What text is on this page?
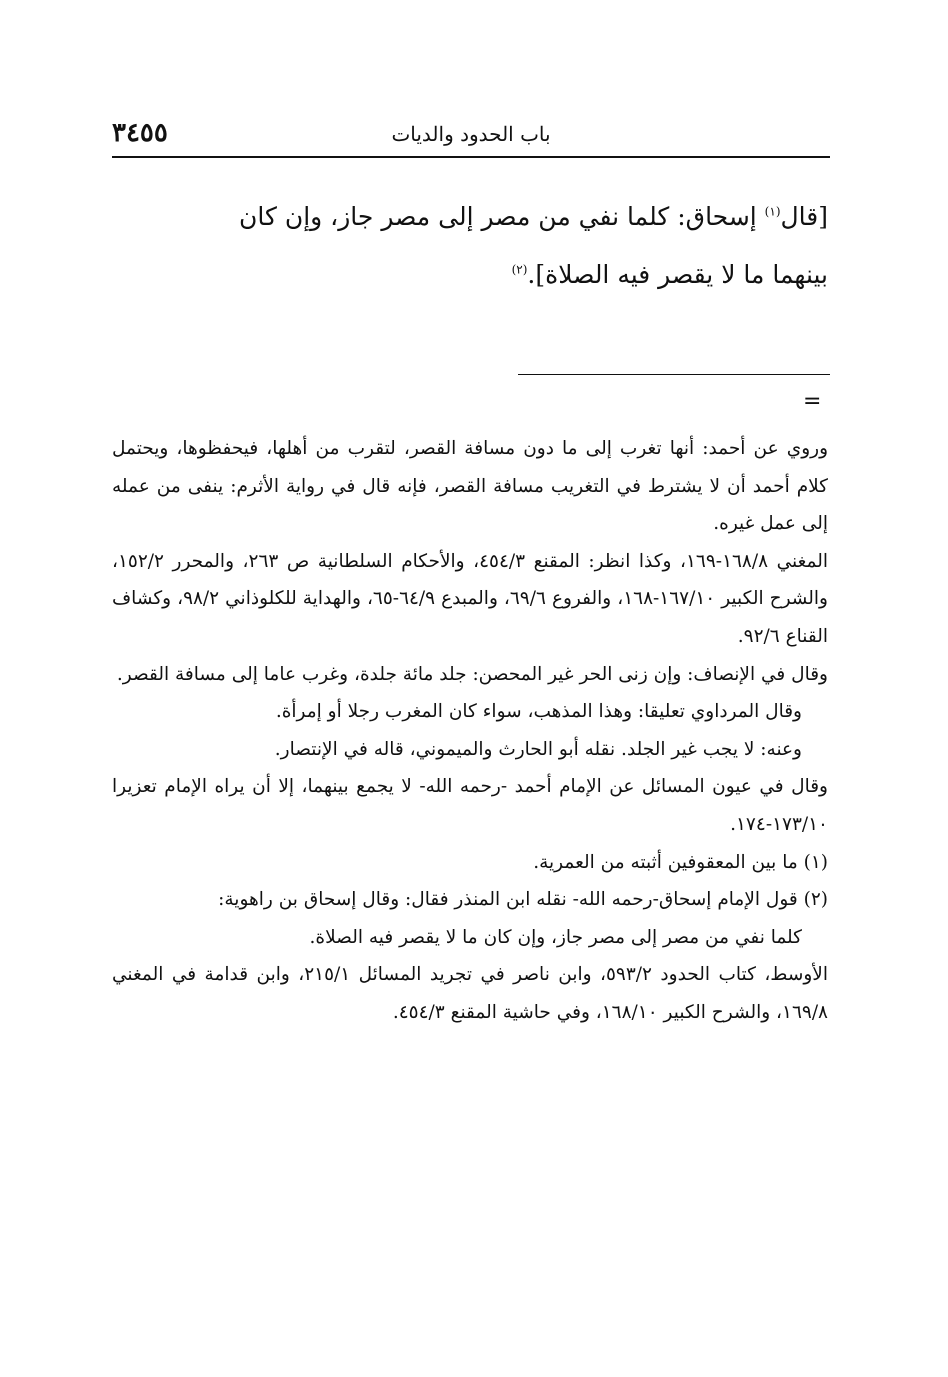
باب الحدود والديات
٣٤٥٥

[قال$^{(١)}$ إسحاق: كلما نفي من مصر إلى مصر جاز، وإن كان

بينهما ما لا يقصر فيه الصلاة].$^{(٢)}$

=

وروي عن أحمد: أنها تغرب إلى ما دون مسافة القصر، لتقرب من أهلها، فيحفظوها، ويحتمل كلام أحمد أن لا يشترط في التغريب مسافة القصر، فإنه قال في رواية الأثرم: ينفى من عمله إلى عمل غيره.

المغني ١٦٨/٨-١٦٩، وكذا انظر: المقنع ٤٥٤/٣، والأحكام السلطانية ص ٢٦٣، والمحرر ١٥٢/٢، والشرح الكبير ١٦٧/١٠-١٦٨، والفروع ٦٩/٦، والمبدع ٦٤/٩-٦٥، والهداية للكلوذاني ٩٨/٢، وكشاف القناع ٩٢/٦.

وقال في الإنصاف: وإن زنى الحر غير المحصن: جلد مائة جلدة، وغرب عاما إلى مسافة القصر.

وقال المرداوي تعليقا: وهذا المذهب، سواء كان المغرب رجلا أو إمرأة.

وعنه: لا يجب غير الجلد. نقله أبو الحارث والميموني، قاله في الإنتصار.

وقال في عيون المسائل عن الإمام أحمد -رحمه الله- لا يجمع بينهما، إلا أن يراه الإمام تعزيرا ١٧٣/١٠-١٧٤.

(١) ما بين المعقوفين أثبته من العمرية.

(٢) قول الإمام إسحاق-رحمه الله- نقله ابن المنذر فقال: وقال إسحاق بن راهوية:

كلما نفي من مصر إلى مصر جاز، وإن كان ما لا يقصر فيه الصلاة.

الأوسط، كتاب الحدود ٥٩٣/٢، وابن ناصر في تجريد المسائل ٢١٥/١، وابن قدامة في المغني ١٦٩/٨، والشرح الكبير ١٦٨/١٠، وفي حاشية المقنع ٤٥٤/٣.
